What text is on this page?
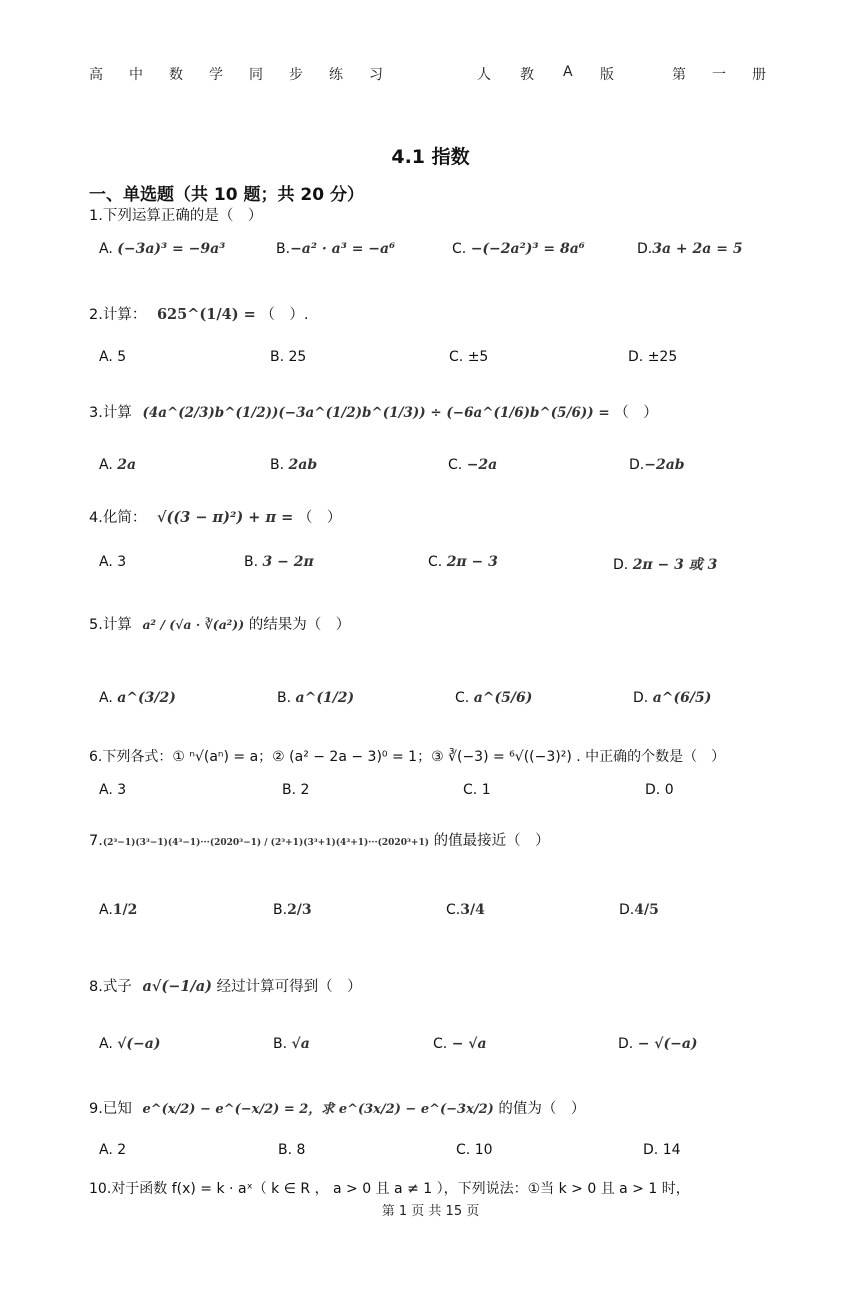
高 中 数 学 同 步 练 习	人 教 A 版	第 一 册
4.1 指数
一、单选题（共 10 题；共 20 分）
1.下列运算正确的是（　）
A. (−3a)³ = −9a³	B.−a² · a³ = −a⁶	C. −(−2a²)³ = 8a⁶	D.3a + 2a = 5
2.计算： 625^(1/4) = （　）.
A. 5	B. 25	C. ±5	D. ±25
3.计算 (4a^(2/3)b^(1/2))(−3a^(1/2)b^(1/3)) ÷ (−6a^(1/6)b^(5/6)) = （　）
A. 2a	B. 2ab	C. −2a	D.−2ab
4.化简： √((3 − π)²) + π = （　）
A. 3	B. 3 − 2π	C. 2π − 3	D. 2π − 3 或 3
5.计算 a² / (√a · ∛(a²)) 的结果为（　）
A. a^(3/2)	B. a^(1/2)	C. a^(5/6)	D. a^(6/5)
6.下列各式：① ⁿ√(aⁿ) = a；② (a² − 2a − 3)⁰ = 1；③ ∛(−3) = ⁶√((−3)²) . 中正确的个数是（　）
A. 3	B. 2	C. 1	D. 0
7.(2³−1)(3³−1)(4³−1)···(2020³−1) / (2³+1)(3³+1)(4³+1)···(2020³+1) 的值最接近（　）
A.1/2	B.2/3	C.3/4	D.4/5
8.式子 a√(−1/a) 经过计算可得到（　）
A. √(−a)	B. √a	C. − √a	D. − √(−a)
9.已知 e^(x/2) − e^(−x/2) = 2，求 e^(3x/2) − e^(−3x/2) 的值为（　）
A. 2	B. 8	C. 10	D. 14
10.对于函数 f(x) = k · aˣ（ k ∈ R ， a > 0 且 a ≠ 1 ），下列说法：①当 k > 0 且 a > 1 时，
第 1 页 共 15 页
